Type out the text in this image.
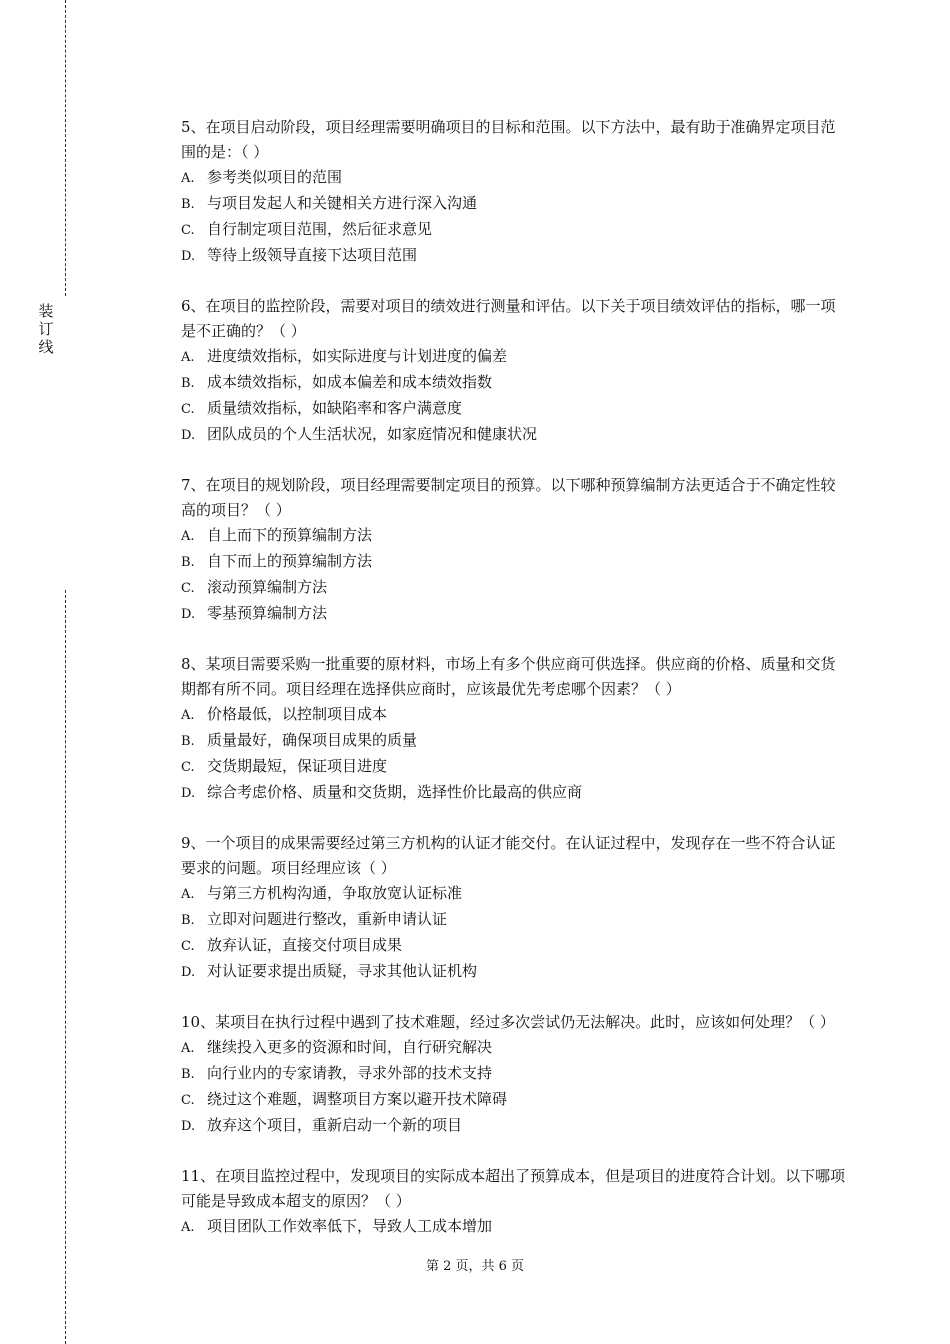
装订线

5、在项目启动阶段，项目经理需要明确项目的目标和范围。以下方法中，最有助于准确界定项目范围的是：（ ）

A. 参考类似项目的范围
B. 与项目发起人和关键相关方进行深入沟通
C. 自行制定项目范围，然后征求意见
D. 等待上级领导直接下达项目范围

6、在项目的监控阶段，需要对项目的绩效进行测量和评估。以下关于项目绩效评估的指标，哪一项是不正确的？（ ）

A. 进度绩效指标，如实际进度与计划进度的偏差
B. 成本绩效指标，如成本偏差和成本绩效指数
C. 质量绩效指标，如缺陷率和客户满意度
D. 团队成员的个人生活状况，如家庭情况和健康状况

7、在项目的规划阶段，项目经理需要制定项目的预算。以下哪种预算编制方法更适合于不确定性较高的项目？（ ）

A. 自上而下的预算编制方法
B. 自下而上的预算编制方法
C. 滚动预算编制方法
D. 零基预算编制方法

8、某项目需要采购一批重要的原材料，市场上有多个供应商可供选择。供应商的价格、质量和交货期都有所不同。项目经理在选择供应商时，应该最优先考虑哪个因素？（ ）

A. 价格最低，以控制项目成本
B. 质量最好，确保项目成果的质量
C. 交货期最短，保证项目进度
D. 综合考虑价格、质量和交货期，选择性价比最高的供应商

9、一个项目的成果需要经过第三方机构的认证才能交付。在认证过程中，发现存在一些不符合认证要求的问题。项目经理应该（ ）

A. 与第三方机构沟通，争取放宽认证标准
B. 立即对问题进行整改，重新申请认证
C. 放弃认证，直接交付项目成果
D. 对认证要求提出质疑，寻求其他认证机构

10、某项目在执行过程中遇到了技术难题，经过多次尝试仍无法解决。此时，应该如何处理？（ ）

A. 继续投入更多的资源和时间，自行研究解决
B. 向行业内的专家请教，寻求外部的技术支持
C. 绕过这个难题，调整项目方案以避开技术障碍
D. 放弃这个项目，重新启动一个新的项目

11、在项目监控过程中，发现项目的实际成本超出了预算成本，但是项目的进度符合计划。以下哪项可能是导致成本超支的原因？（ ）

A. 项目团队工作效率低下，导致人工成本增加
第 2 页，共 6 页
